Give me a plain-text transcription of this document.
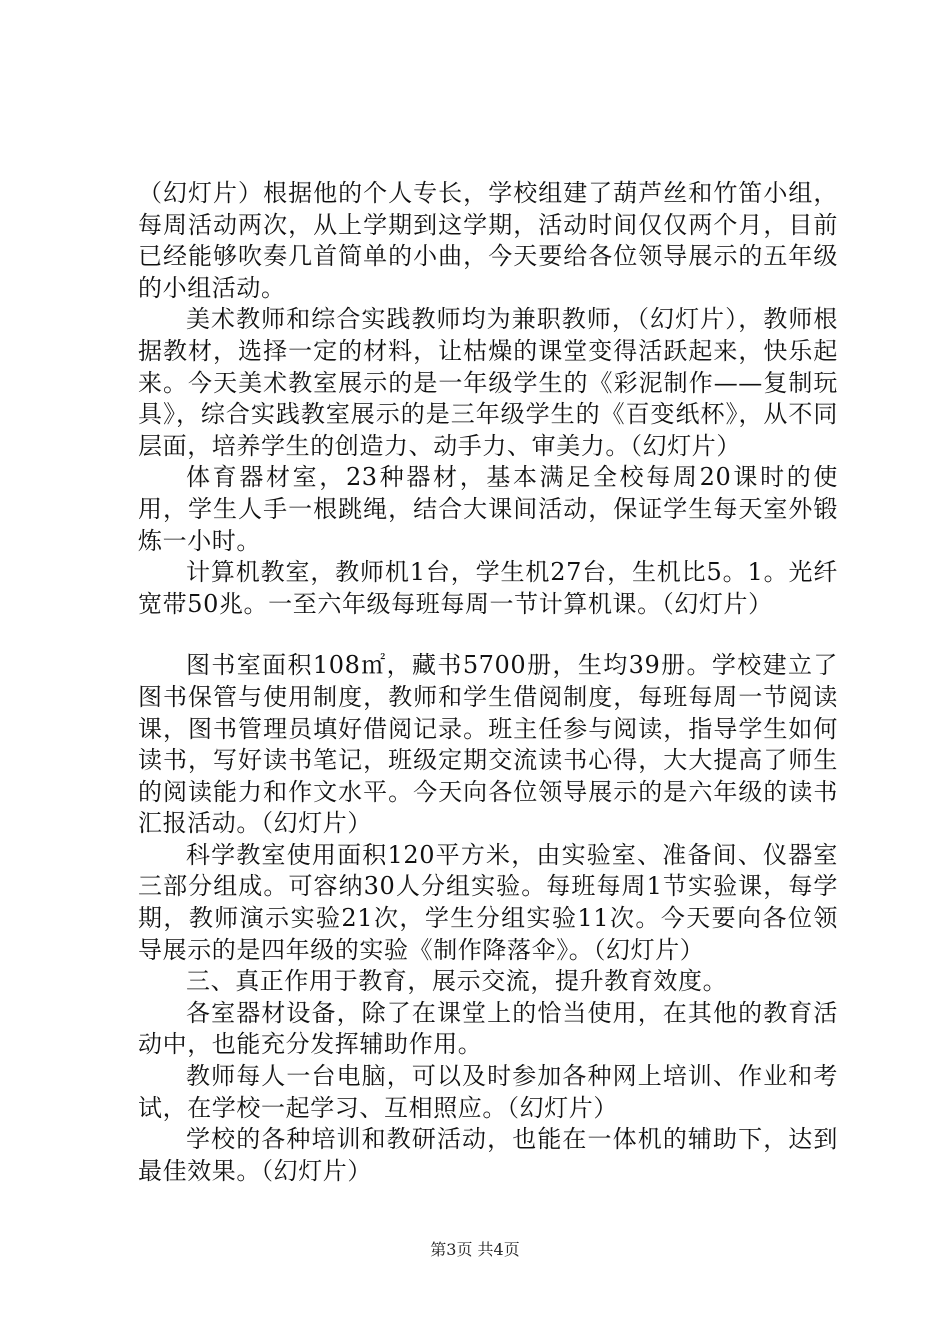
（幻灯片）根据他的个人专长，学校组建了葫芦丝和竹笛小组，每周活动两次，从上学期到这学期，活动时间仅仅两个月，目前已经能够吹奏几首简单的小曲，今天要给各位领导展示的五年级的小组活动。

美术教师和综合实践教师均为兼职教师，（幻灯片），教师根据教材，选择一定的材料，让枯燥的课堂变得活跃起来，快乐起来。今天美术教室展示的是一年级学生的《彩泥制作——复制玩具》，综合实践教室展示的是三年级学生的《百变纸杯》，从不同层面，培养学生的创造力、动手力、审美力。（幻灯片）

体育器材室，23种器材，基本满足全校每周20课时的使用，学生人手一根跳绳，结合大课间活动，保证学生每天室外锻炼一小时。

计算机教室，教师机1台，学生机27台，生机比5。1。光纤宽带50兆。一至六年级每班每周一节计算机课。（幻灯片）

图书室面积108㎡，藏书5700册，生均39册。学校建立了图书保管与使用制度，教师和学生借阅制度，每班每周一节阅读课，图书管理员填好借阅记录。班主任参与阅读，指导学生如何读书，写好读书笔记，班级定期交流读书心得，大大提高了师生的阅读能力和作文水平。今天向各位领导展示的是六年级的读书汇报活动。（幻灯片）

科学教室使用面积120平方米，由实验室、准备间、仪器室三部分组成。可容纳30人分组实验。每班每周1节实验课，每学期，教师演示实验21次，学生分组实验11次。今天要向各位领导展示的是四年级的实验《制作降落伞》。（幻灯片）

三、真正作用于教育，展示交流，提升教育效度。

各室器材设备，除了在课堂上的恰当使用，在其他的教育活动中，也能充分发挥辅助作用。

教师每人一台电脑，可以及时参加各种网上培训、作业和考试，在学校一起学习、互相照应。（幻灯片）

学校的各种培训和教研活动，也能在一体机的辅助下，达到最佳效果。（幻灯片）

第3页 共4页
